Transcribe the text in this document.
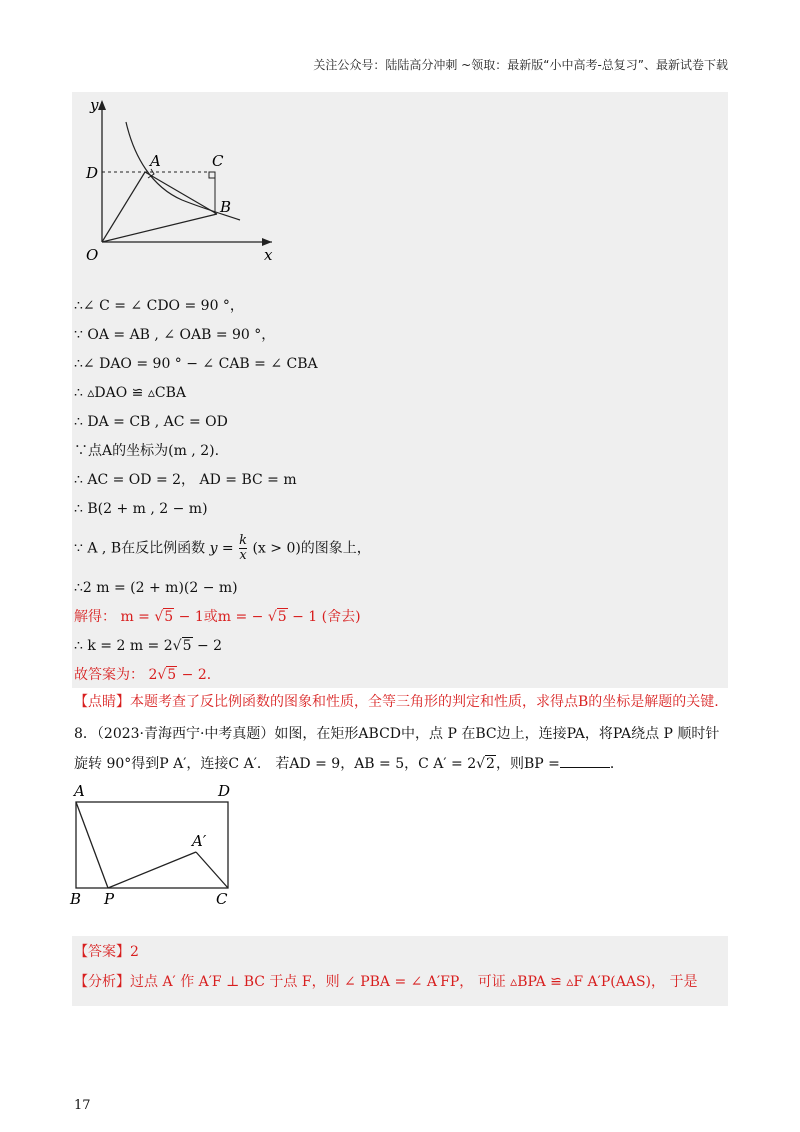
关注公众号：陆陆高分冲刺 ~领取：最新版“小中高考-总复习”、最新试卷下载
y
x
O
D
A	C
B
∴∠ C = ∠ CDO = 90 °，
∵ OA = AB , ∠ OAB = 90 °，
∴∠ DAO = 90 ° − ∠ CAB = ∠ CBA
∴ ▵DAO ≌ ▵CBA
∴ DA = CB , AC = OD
∵点A的坐标为(m , 2).
∴ AC = OD = 2， AD = BC = m
∴ B(2 + m , 2 − m)
∵ A , B在反比例函数 $y = \frac{k}{x} (x > 0)$的图象上，
∴2 m = (2 + m)(2 − m)
解得： m = √5 − 1或m = − √5 − 1 (舍去)
∴ k = 2 m = 2√5 − 2
故答案为： 2√5 − 2．
【点睛】本题考查了反比例函数的图象和性质，全等三角形的判定和性质，求得点B的坐标是解题的关键.
8．（2023·青海西宁·中考真题）如图，在矩形ABCD中，点 P 在BC边上，连接PA，将PA绕点 P 顺时针
旋转 90°得到P A′，连接C A′． 若AD = 9，AB = 5，C A′ = 2√2，则BP =	．
A	D
A′
B P	C
【答案】2
【分析】过点 A′ 作 A′F ⊥ BC 于点 F，则 ∠ PBA = ∠ A′FP， 可证 ▵BPA ≌ ▵F A′P(AAS)， 于是
17
